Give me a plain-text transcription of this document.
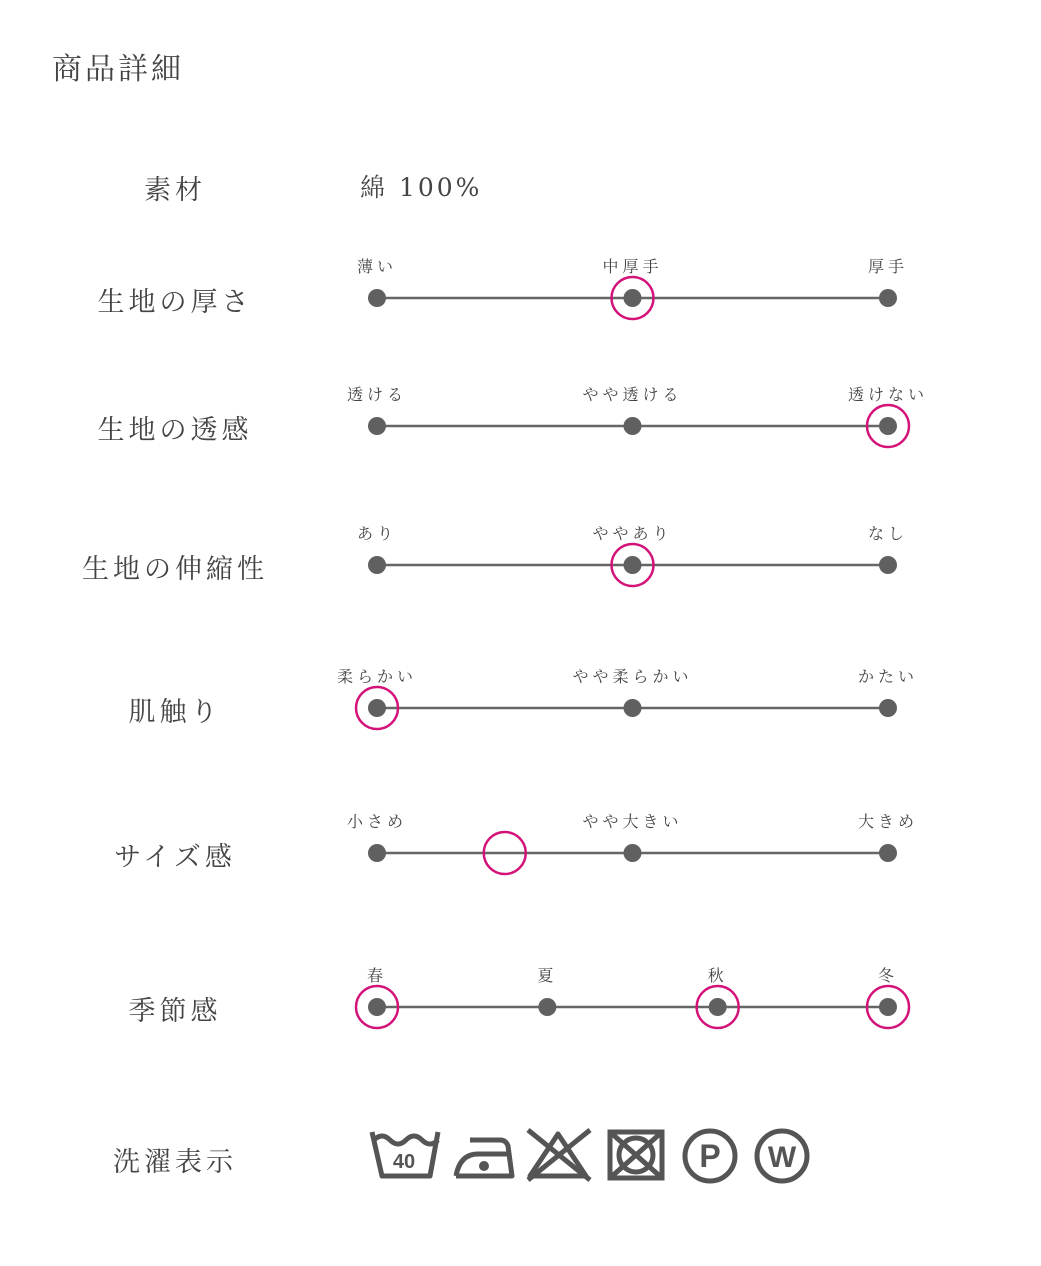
商品詳細
素材	綿 100%
生地の厚さ
薄い	中厚手	厚手
生地の透感
透ける	やや透ける	透けない
生地の伸縮性
あり	ややあり	なし
肌触り
柔らかい	やや柔らかい	かたい
サイズ感
小さめ	やや大きい	大きめ
季節感
春	夏	秋	冬
洗濯表示	40	P W
